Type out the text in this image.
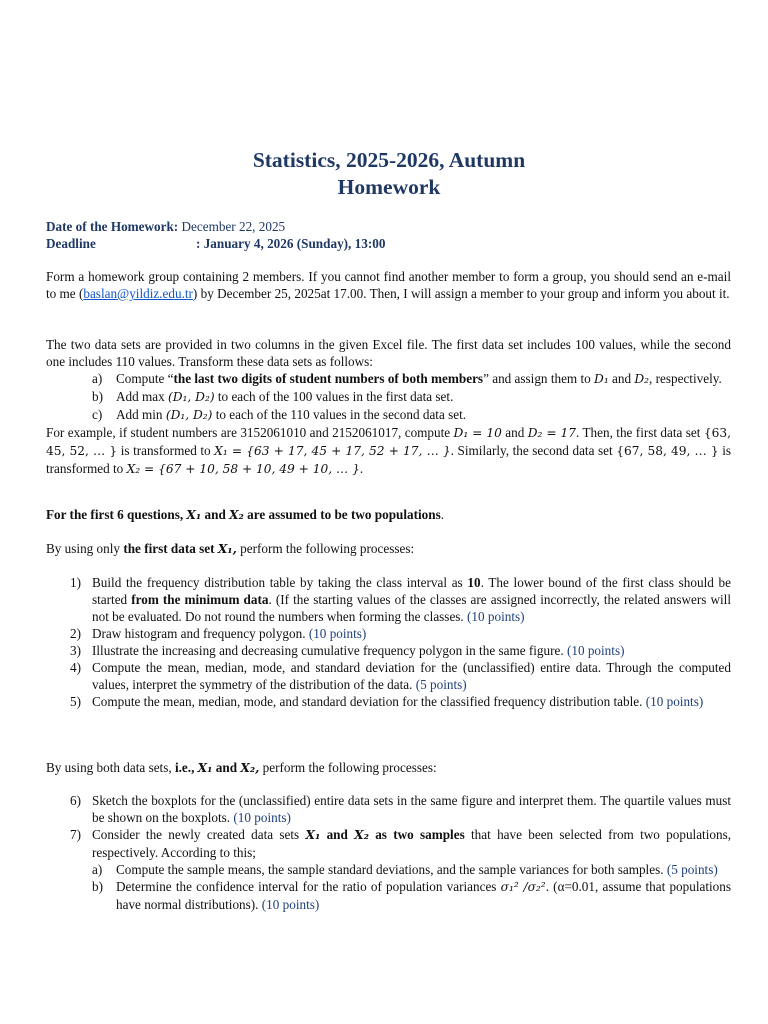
Statistics, 2025-2026, Autumn
Homework
Date of the Homework: December 22, 2025
Deadline	: January 4, 2026 (Sunday), 13:00
Form a homework group containing 2 members. If you cannot find another member to form a group, you should send an e-mail to me (baslan@yildiz.edu.tr) by December 25, 2025at 17.00. Then, I will assign a member to your group and inform you about it.

The two data sets are provided in two columns in the given Excel file. The first data set includes 100 values, while the second one includes 110 values. Transform these data sets as follows:

a) Compute “the last two digits of student numbers of both members” and assign them to D₁ and D₂, respectively.
b) Add max (D₁, D₂) to each of the 100 values in the first data set.
c) Add min (D₁, D₂) to each of the 110 values in the second data set.

For example, if student numbers are 3152061010 and 2152061017, compute D₁ = 10 and D₂ = 17. Then, the first data set {63, 45, 52, … } is transformed to X₁ = {63 + 17, 45 + 17, 52 + 17, … }. Similarly, the second data set {67, 58, 49, … } is transformed to X₂ = {67 + 10, 58 + 10, 49 + 10, … }.

For the first 6 questions, X₁ and X₂ are assumed to be two populations.
By using only the first data set X₁, perform the following processes:
1) Build the frequency distribution table by taking the class interval as 10. The lower bound of the first class should be started from the minimum data. (If the starting values of the classes are assigned incorrectly, the related answers will not be evaluated. Do not round the numbers when forming the classes. (10 points)
2) Draw histogram and frequency polygon. (10 points)
3) Illustrate the increasing and decreasing cumulative frequency polygon in the same figure. (10 points)
4) Compute the mean, median, mode, and standard deviation for the (unclassified) entire data. Through the computed values, interpret the symmetry of the distribution of the data. (5 points)
5) Compute the mean, median, mode, and standard deviation for the classified frequency distribution table. (10 points)
By using both data sets, i.e., X₁ and X₂, perform the following processes:
6) Sketch the boxplots for the (unclassified) entire data sets in the same figure and interpret them. The quartile values must be shown on the boxplots. (10 points)
7) Consider the newly created data sets X₁ and X₂ as two samples that have been selected from two populations, respectively. According to this;
a) Compute the sample means, the sample standard deviations, and the sample variances for both samples. (5 points)
b) Determine the confidence interval for the ratio of population variances σ₁² /σ₂². (α=0.01, assume that populations have normal distributions). (10 points)
